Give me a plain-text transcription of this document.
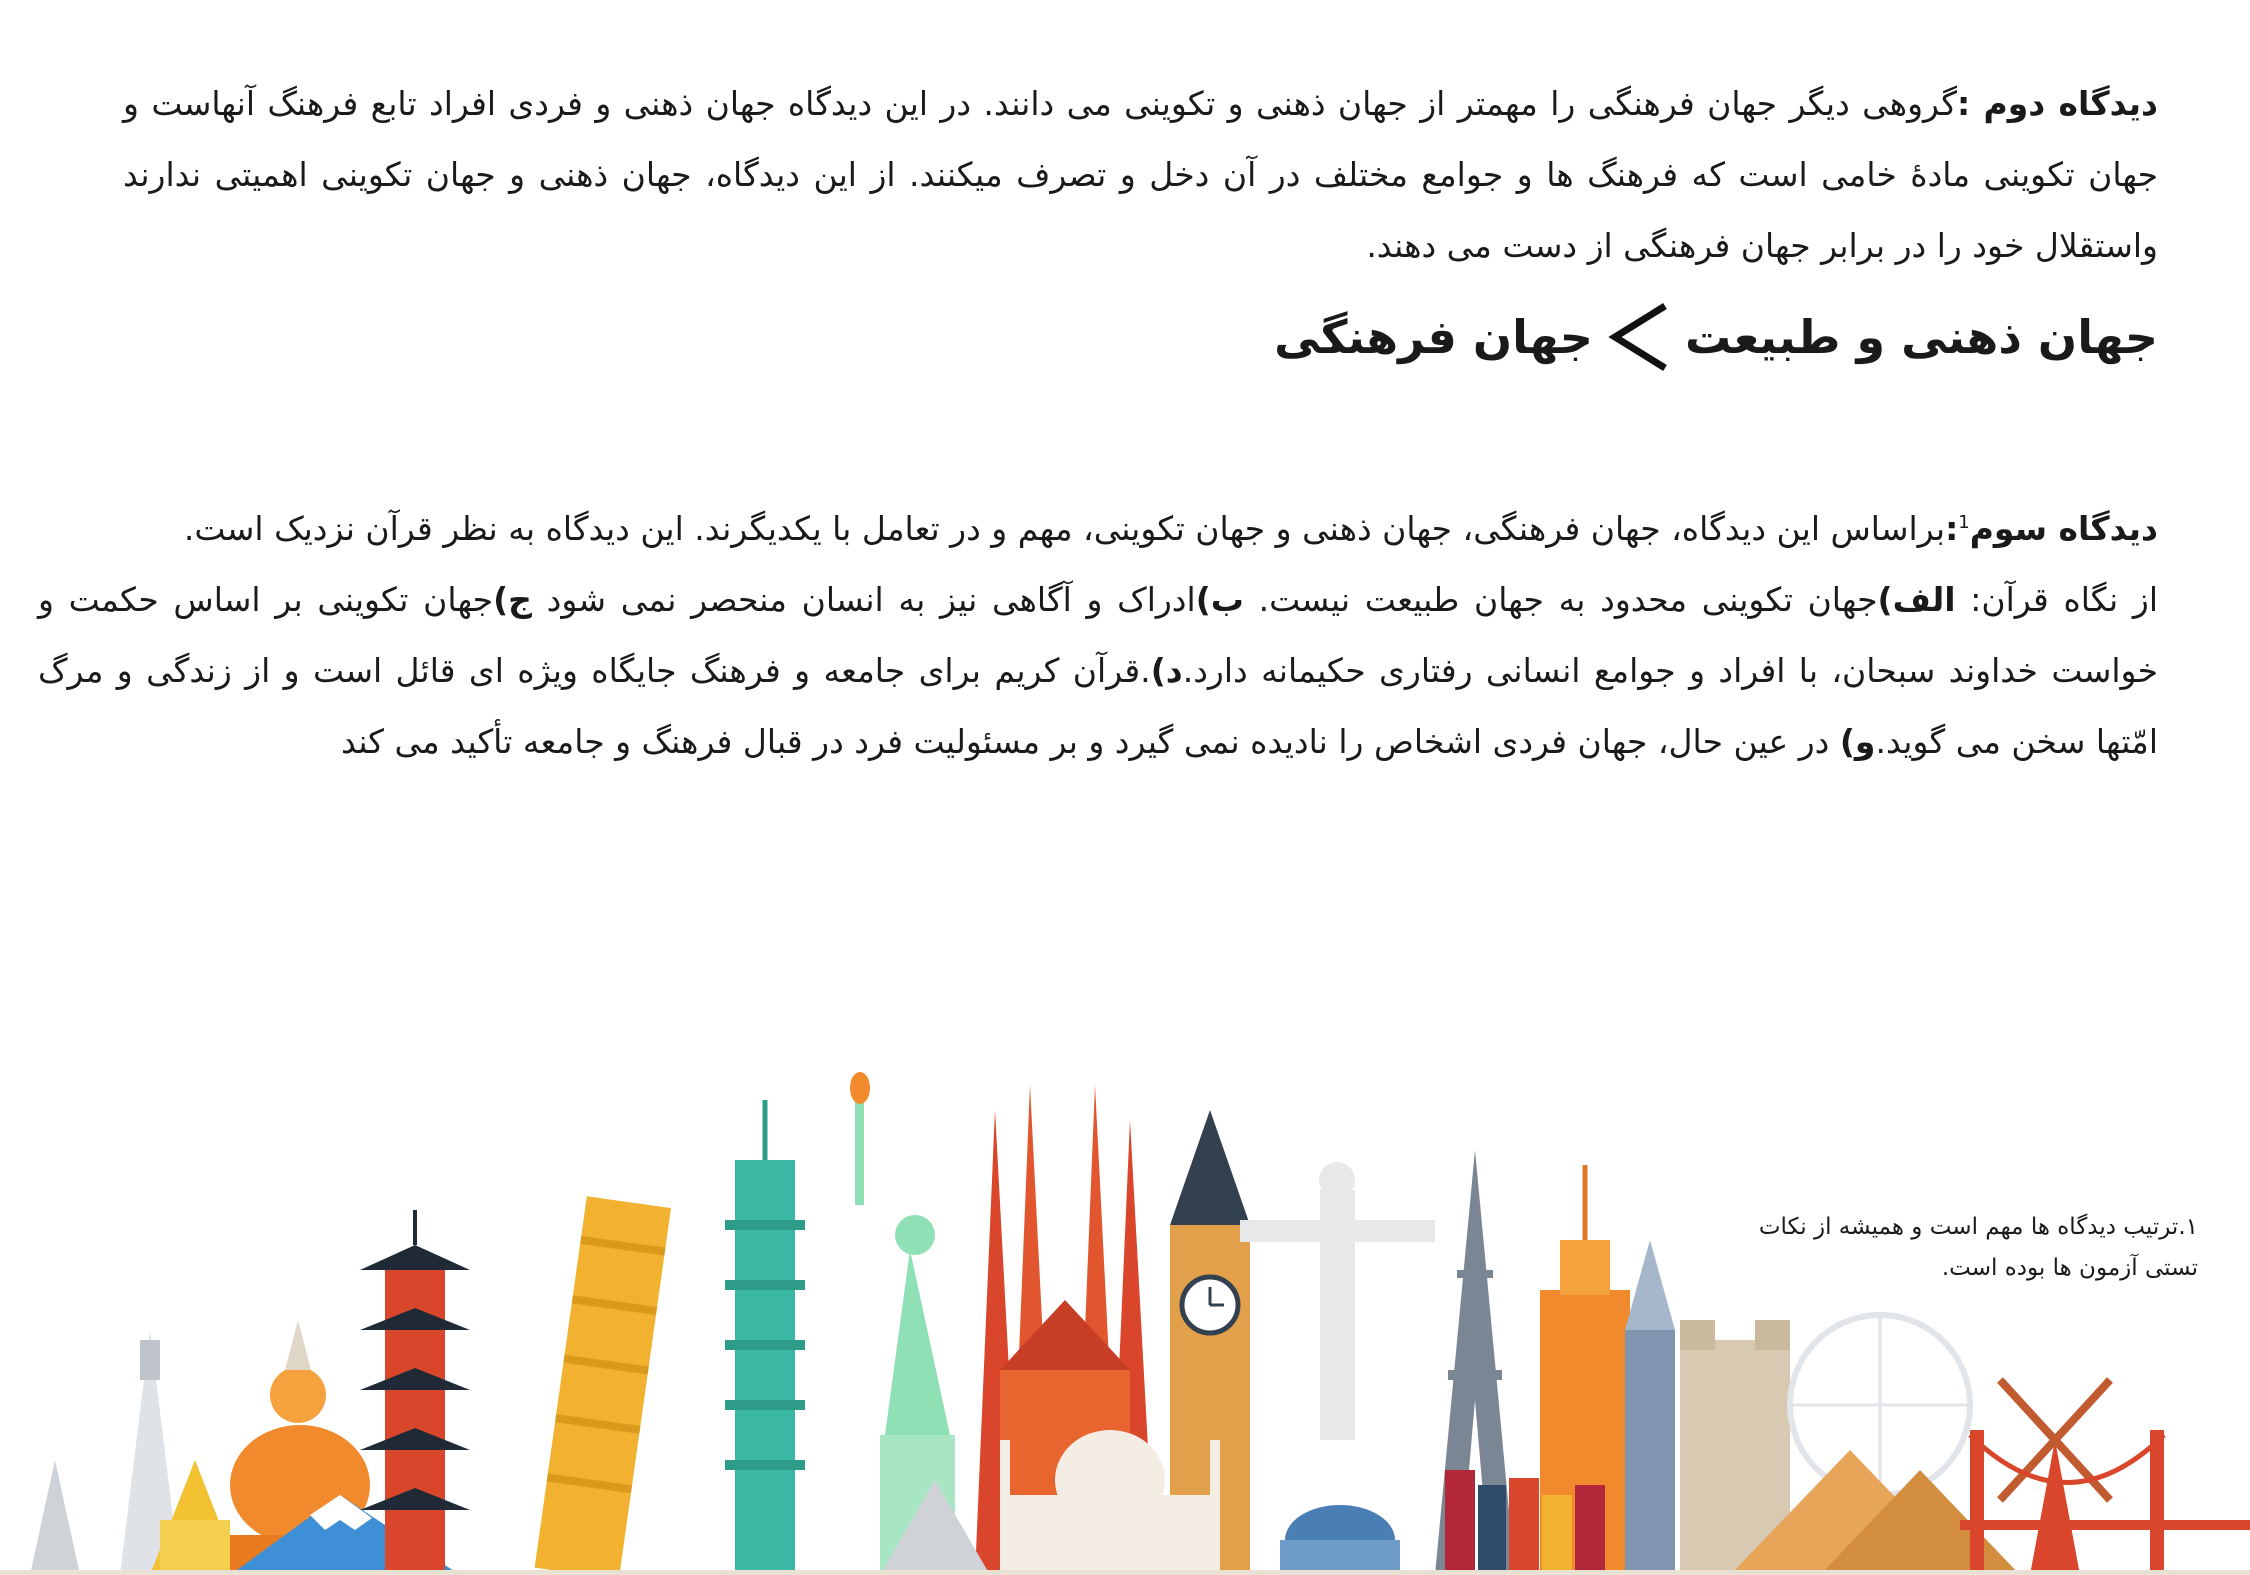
دیدگاه دوم :گروهی دیگر جهان فرهنگی را مهمتر از جهان ذهنی و تکوینی می دانند. در این دیدگاه جهان ذهنی و فردی افراد تابع فرهنگ آنهاست و جهان تکوینی مادۀ خامی است که فرهنگ ها و جوامع مختلف در آن دخل و تصرف میکنند. از این دیدگاه، جهان ذهنی و جهان تکوینی اهمیتی ندارند واستقلال خود را در برابر جهان فرهنگی از دست می دهند.

جهان ذهنی و طبیعت
جهان فرهنگی

دیدگاه سوم$^1$:براساس این دیدگاه، جهان فرهنگی، جهان ذهنی و جهان تکوینی، مهم و در تعامل با یکدیگرند. این دیدگاه به نظر قرآن نزدیک است.

از نگاه قرآن: الف)جهان تکوینی محدود به جهان طبیعت نیست. ب)ادراک و آگاهی نیز به انسان منحصر نمی شود ج)جهان تکوینی بر اساس حکمت و خواست خداوند سبحان، با افراد و جوامع انسانی رفتاری حکیمانه دارد.د).قرآن کریم برای جامعه و فرهنگ جایگاه ویژه ای قائل است و از زندگی و مرگ امّتها سخن می گوید.و) در عین حال، جهان فردی اشخاص را نادیده نمی گیرد و بر مسئولیت فرد در قبال فرهنگ و جامعه تأکید می کند

۱.ترتیب دیدگاه ها مهم است و همیشه از نکات تستی آزمون ها بوده است.
